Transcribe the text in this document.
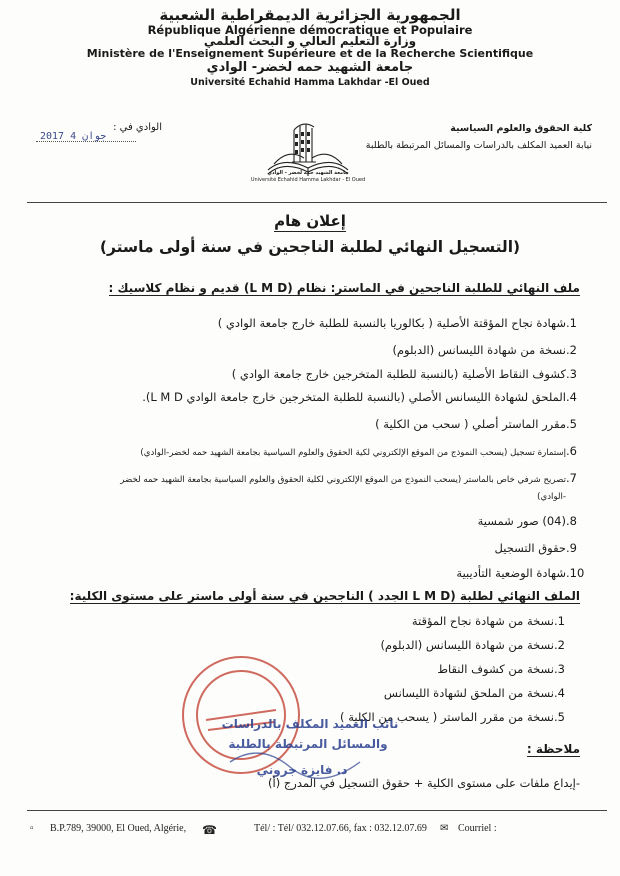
الجمهورية الجزائرية الديمقراطية الشعبية
République Algérienne démocratique et Populaire
وزارة التعليم العالي و البحث العلمي
Ministère de l'Enseignement Supérieure et de la Recherche Scientifique
جامعة الشهيد حمه لخضر- الوادي
Université Echahid Hamma Lakhdar -El Oued
كلية الحقوق والعلوم السياسية
نيابة العميد المكلف بالدراسات والمسائل المرتبطة بالطلبة
الوادي في :
2017 4 جوان
جامعة الشهيد حمه لخضر - الوادي
Université Echahid Hamma Lakhdar - El Oued
إعلان هام
(التسجيل النهائي لطلبة الناجحين في سنة أولى ماستر)
ملف النهائي للطلبة الناجحين في الماستر: نظام (L M D) قديم و نظام كلاسيك :
1.شهادة نجاح المؤقتة الأصلية ( بكالوريا بالنسبة للطلبة خارج جامعة الوادي )
2.نسخة من شهادة الليسانس (الدبلوم)
3.كشوف النقاط الأصلية (بالنسبة للطلبة المتخرجين خارج جامعة الوادي )
4.الملحق لشهادة الليسانس الأصلي (بالنسبة للطلبة المتخرجين خارج جامعة الوادي L M D).
5.مقرر الماستر أصلي ( سحب من الكلية )
6.إستمارة تسجيل (يسحب النموذج من الموقع الإلكتروني لكية الحقوق والعلوم السياسية بجامعة الشهيد حمه لخضر-الوادي)
7.تصريح شرفي خاص بالماستر (يسحب النموذج من الموقع الإلكتروني لكلية الحقوق والعلوم السياسية بجامعة الشهيد حمه لخضر
-الوادي)
8.(04) صور شمسية
9.حقوق التسجيل
10.شهادة الوضعية التأديبية
الملف النهائي لطلبة (L M D الجدد ) الناجحين في سنة أولى ماستر على مستوى الكلية:
1.نسخة من شهادة نجاح المؤقتة
2.نسخة من شهادة الليسانس (الدبلوم)
3.نسخة من كشوف النقاط
4.نسخة من الملحق لشهادة الليسانس
5.نسخة من مقرر الماستر ( يسحب من الكلية )
نائب العميد المكلف بالدراسات
والمسائل المرتبطة بالطلبة
د. فايزة جروني
ملاحظة :
-إيداع ملفات على مستوى الكلية + حقوق التسجيل في المدرج (أ)
▫ B.P.789, 39000, El Oued, Algérie, ☎	Tél/ : Tél/ 032.12.07.66, fax : 032.12.07.69 ✉ Courriel :
